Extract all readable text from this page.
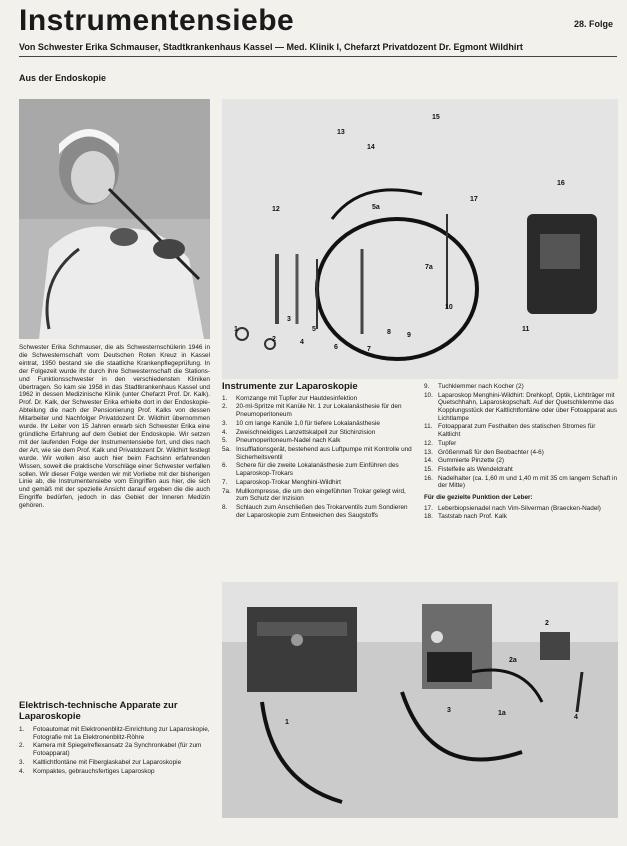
Instrumentensiebe	28. Folge
Von Schwester Erika Schmauser, Stadtkrankenhaus Kassel — Med. Klinik I, Chefarzt Privatdozent Dr. Egmont Wildhirt
Aus der Endoskopie

Schwester Erika Schmauser, die als Schwesternschülerin 1946 in die Schwesternschaft vom Deutschen Roten Kreuz in Kassel eintrat, 1950 bestand sie die staatliche Krankenpflegeprüfung. In der Folgezeit wurde ihr durch ihre Schwesternschaft die Stations- und Funktionsschwester in den verschiedensten Kliniken übertragen. So kam sie 1958 in das Stadtkrankenhaus Kassel und 1962 in dessen Medizinische Klinik (unter Chefarzt Prof. Dr. Kalk). Prof. Dr. Kalk, der Schwester Erika erhielte dort in der Endoskopie-Abteilung die nach der Pensionierung Prof. Kalks von dessen Mitarbeiter und Nachfolger Privatdozent Dr. Wildhirt übernommen wurde. Ihr Leiter von 15 Jahren erwarb sich Schwester Erika eine gründliche Erfahrung auf dem Gebiet der Endoskopie. Wir setzen mit der laufenden Folge der Instrumentensiebe fort, und dies nach der Art, wie sie dem Prof. Kalk und Privatdozent Dr. Wildhirt festlegt wurde. Wir wollen also auch hier beim Fachsinn erfahrenden Wissen, soweit die praktische Vorschläge einer Schwester verfallen sollen. Wir dieser Folge werden wir mit Vorliebe mit der bisherigen Linie ab, die Instrumentensiebe vom Eingriffen aus hier, die sich und gemäß mit der spezielle Ansicht darauf ergeben die die auch Eingriffe bedürfen, jedoch in das Gebiet der Inneren Medizin gehören.

1
2
3
4
5
6	7
8 9
10
11
12
13
14
15
16
17
5a
7a
Instrumente zur Laparoskopie
1.	Kornzange mit Tupfer zur Hautdesinfektion
2.	20-ml-Spritze mit Kanüle Nr. 1 zur Lokalanästhesie für den Pneumoperitoneum
3.	10 cm lange Kanüle 1,0 für tiefere Lokalanästhesie
4.	Zweischneidiges Lanzettskalpell zur Stichinzision
5.	Pneumoperitoneum-Nadel nach Kalk
5a. Insufflationsgerät, bestehend aus Luftpumpe mit Kontrolle und Sicherheitsventil
6.	Schere für die zweite Lokalanästhesie zum Einführen des Laparoskop-Trokars
7.	Laparoskop-Trokar Menghini-Wildhirt
7a. Mullkompresse, die um den eingeführten Trokar gelegt wird, zum Schutz der Inzision
8.	Schlauch zum Anschließen des Trokarventils zum Sondieren der Laparoskopie zum Entweichen des Saugstoffs
9.	Tuchklemmer nach Kocher (2)
10. Laparoskop Menghini-Wildhirt: Drehkopf, Optik, Lichtträger mit Quetschhahn, Laparoskopschaft. Auf der Quetschklemme das Kopplungsstück der Kaltlichtfontäne oder über Fotoapparat aus Lichtlampe
11. Fotoapparat zum Festhalten des statischen Stromes für Kaltlicht
12. Tupfer
13. Größenmaß für den Beobachter (4-6)
14. Gummierte Pinzette (2)
15. Fistelfeile als Wendeldraht
16. Nadelhalter (ca. 1,60 m und 1,40 m mit 35 cm langem Schaft in der Mitte)
Für die gezielte Punktion der Leber:
17. Leberbiopsienadel nach Vim-Silverman (Braecken-Nadel)
18. Taststab nach Prof. Kalk
1
2
3
4
2a
1a
Elektrisch-technische Apparate zur Laparoskopie
1.	Fotoautomat mit Elektronenblitz-Einrichtung zur Laparoskopie, Fotografie mit 1a Elektronenblitz-Röhre
2.	Kamera mit Spiegelreflexansatz 2a Synchronkabel (für zum Fotoapparat)
3.	Kaltlichtfontäne mit Fiberglaskabel zur Laparoskopie
4.	Kompaktes, gebrauchsfertiges Laparoskop
